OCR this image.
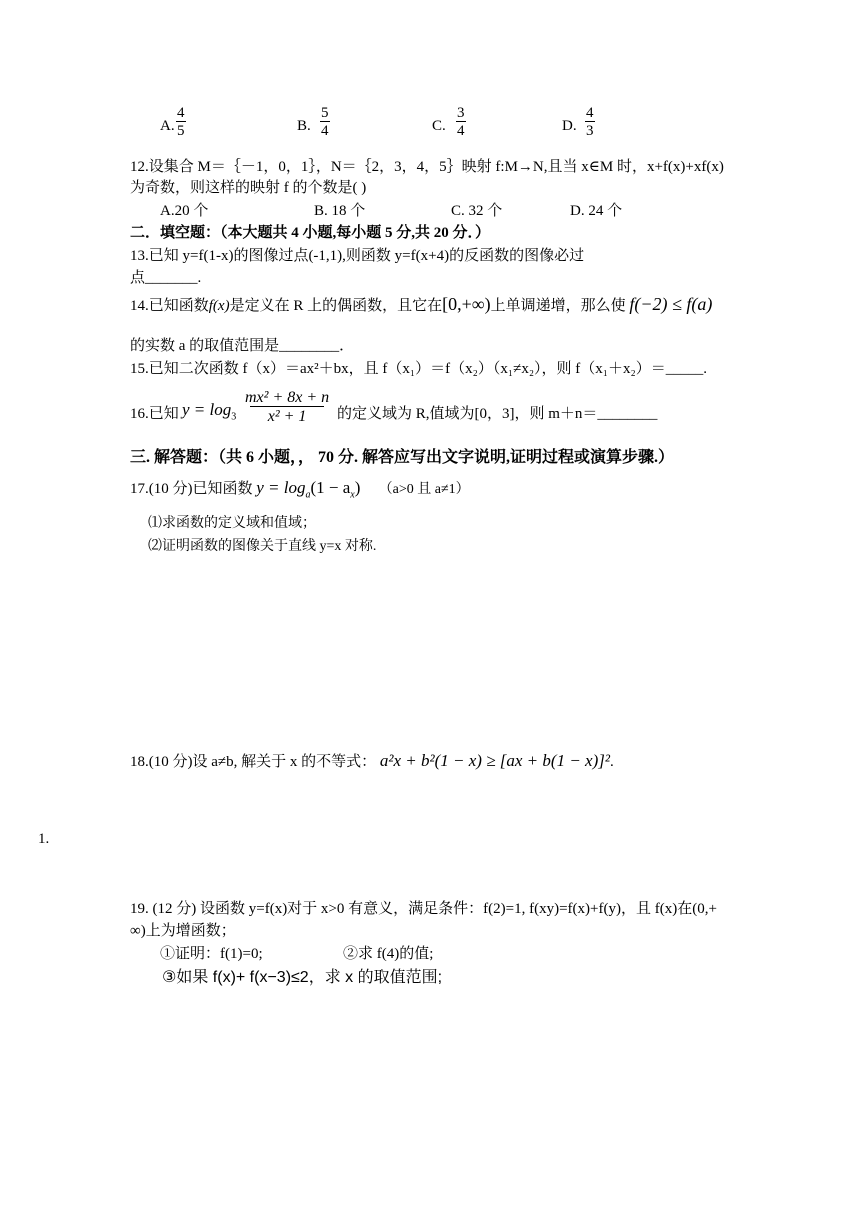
A. $\frac{4}{5}$	B. $\frac{5}{4}$	C. $\frac{3}{4}$	D. $\frac{4}{3}$
12.设集合 M＝｛－1，0，1｝，N＝｛2，3，4，5｝映射 f:M→N,且当 x∈M 时，x+f(x)+xf(x)
为奇数，则这样的映射 f 的个数是( )
A.20 个	B. 18 个	C. 32 个	D. 24 个
二．填空题：（本大题共 4 小题,每小题 5 分,共 20 分．）
13.已知 y=f(1-x)的图像过点(-1,1),则函数 y=f(x+4)的反函数的图像必过
点_______.
14.已知函数f(x)是定义在 R 上的偶函数，且它在[0,+∞)上单调递增，那么使 f(−2) ≤ f(a)
的实数 a 的取值范围是________．
15.已知二次函数 f（x）＝ax²＋bx，且 f（x₁）＝f（x₂）（x₁≠x₂），则 f（x₁＋x₂）＝_____.
16.已知 $y = \log_3 \frac{\text{mx² + 8x + n}}{\text{x² + 1}}$ 的定义域为 R,值域为[0，3]，则 m＋n＝________
三. 解答题：（共 6 小题，， 70 分. 解答应写出文字说明,证明过程或演算步骤.）
17.(10 分)已知函数 $y = \log_a(1 - a_x)$ （a>0 且 a≠1）
⑴求函数的定义域和值域；
⑵证明函数的图像关于直线 y=x 对称.
18.(10 分)设 a≠b, 解关于 x 的不等式： a²x + b²(1 − x) ≥ [ax + b(1 − x)]².
1.
19. (12 分) 设函数 y=f(x)对于 x>0 有意义，满足条件：f(2)=1, f(xy)=f(x)+f(y)，且 f(x)在(0,+
∞)上为增函数；
①证明：f(1)=0;	②求 f(4)的值;
③如果 f(x)+ f(x−3)≤2，求 x 的取值范围;
